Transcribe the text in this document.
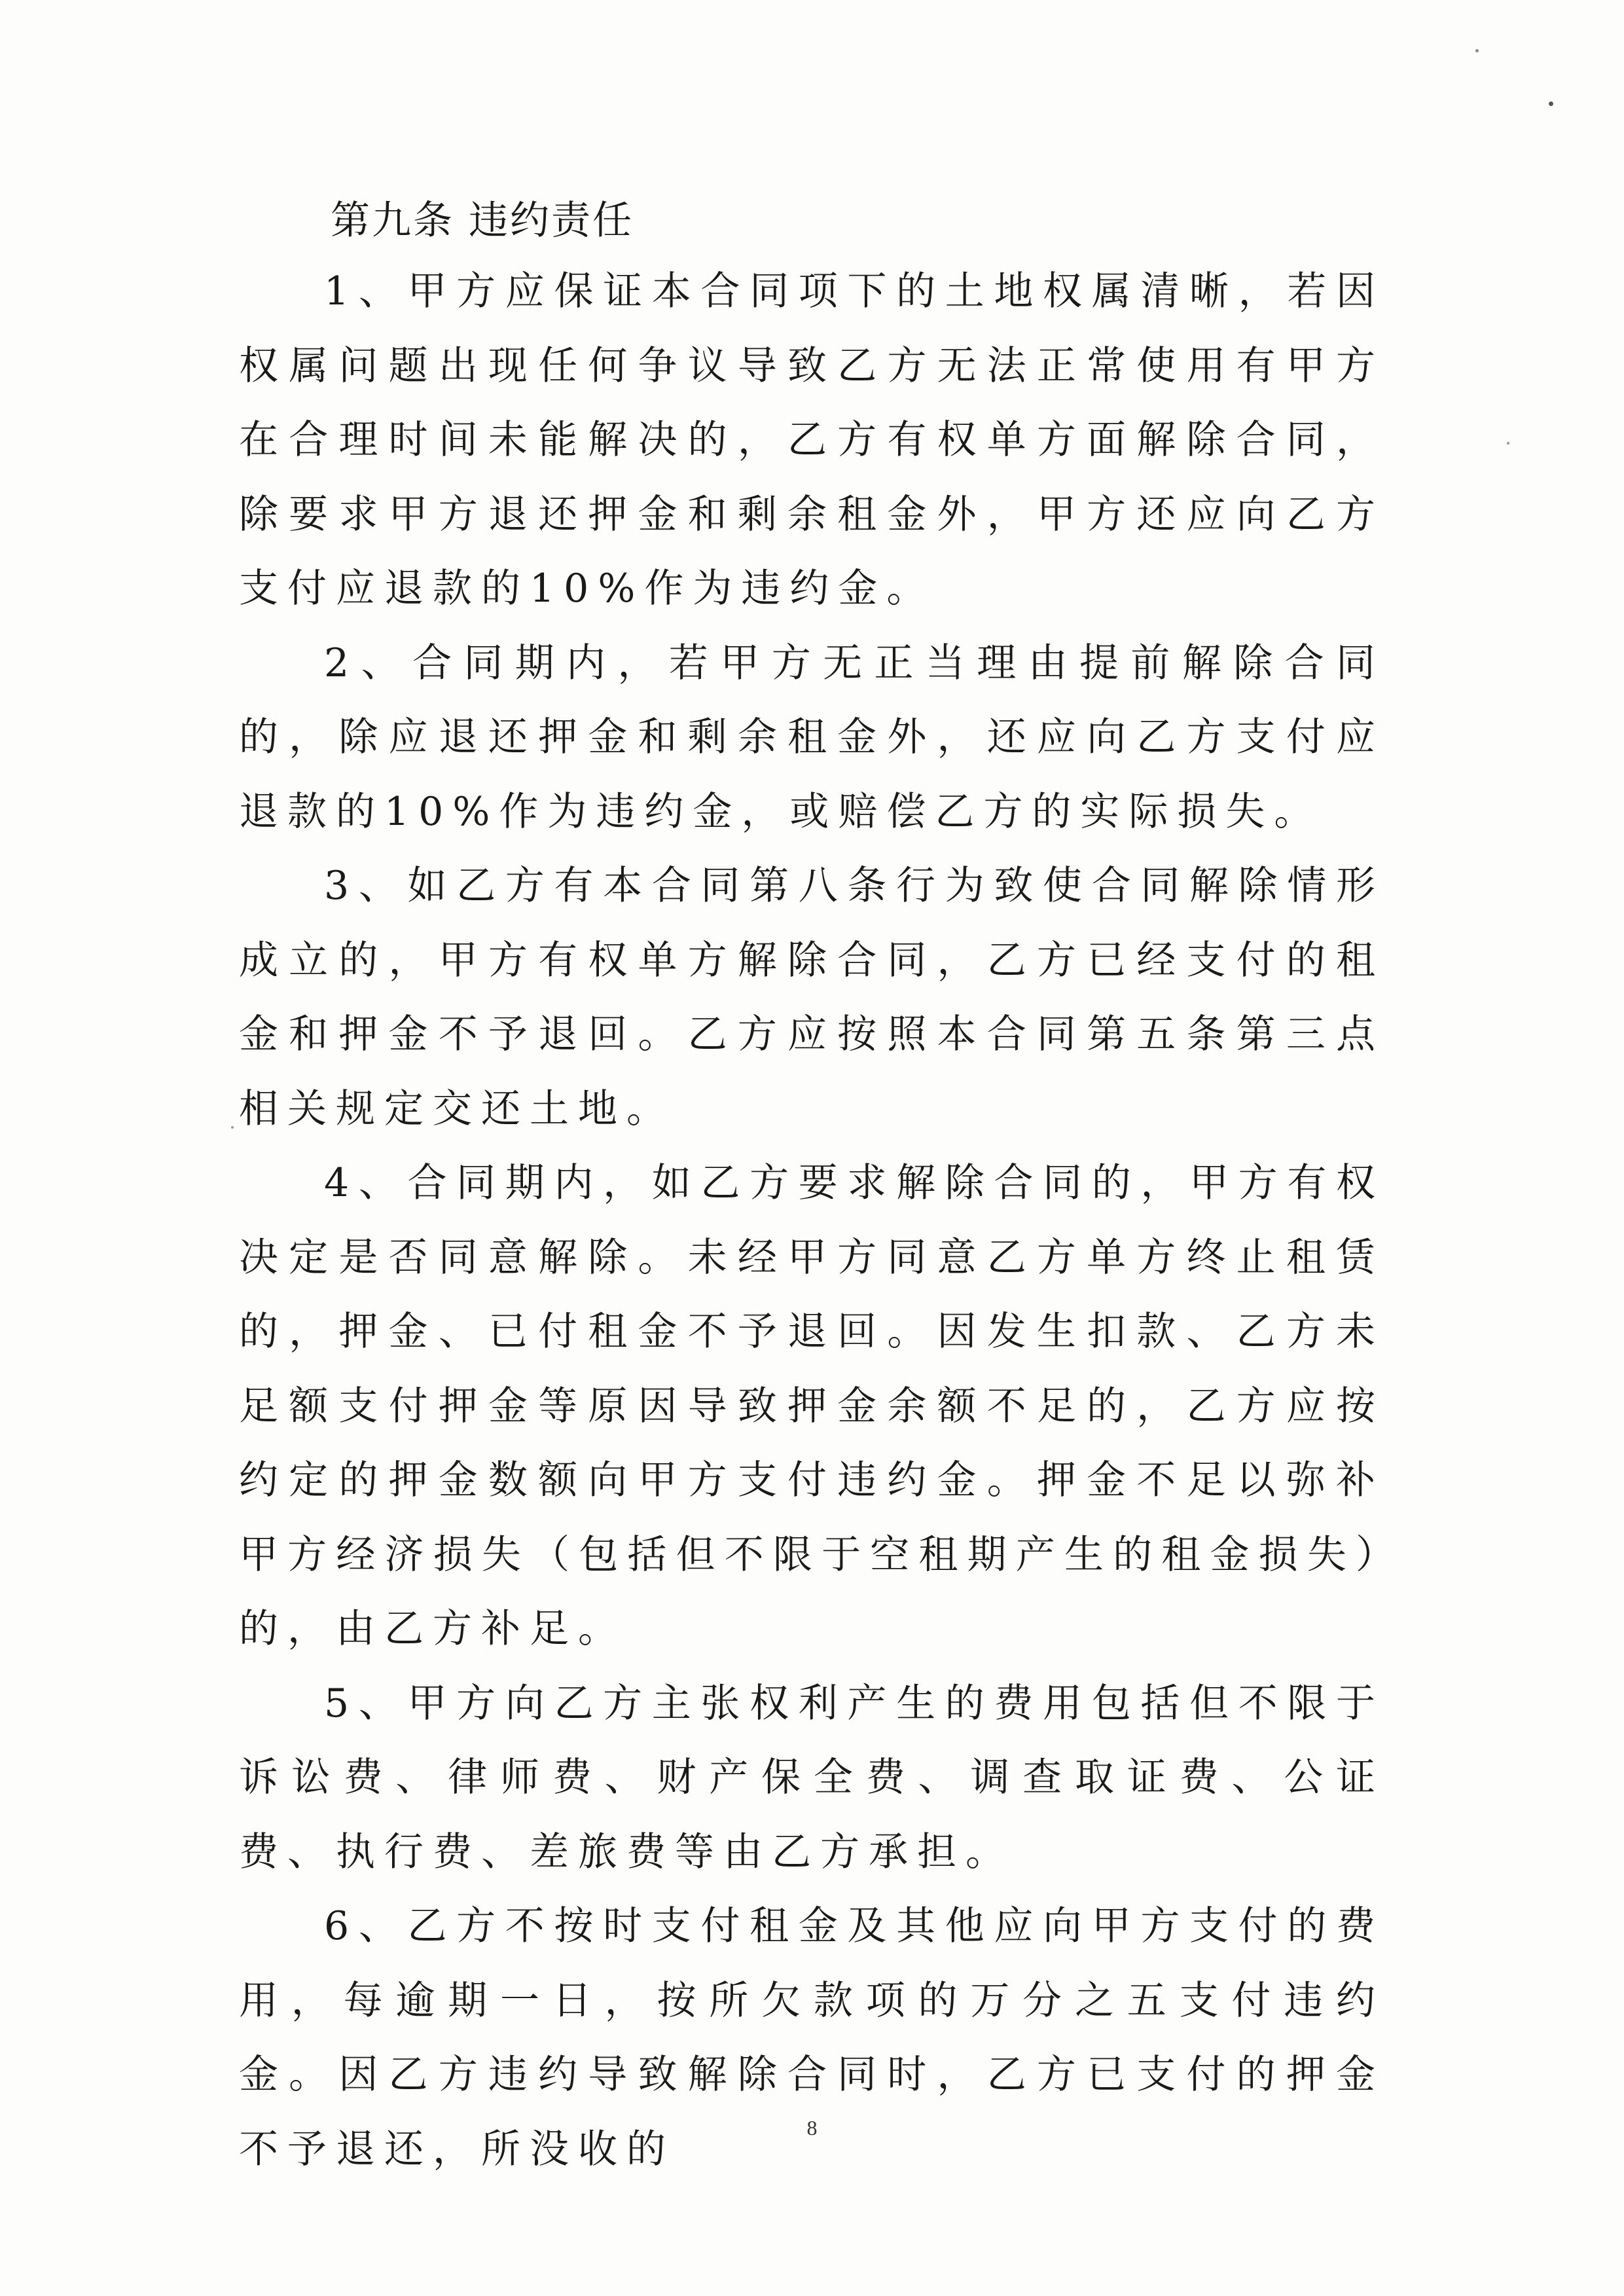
第九条 违约责任

1、甲方应保证本合同项下的土地权属清晰，若因权属问题出现任何争议导致乙方无法正常使用有甲方在合理时间未能解决的，乙方有权单方面解除合同，除要求甲方退还押金和剩余租金外，甲方还应向乙方支付应退款的10%作为违约金。

2、合同期内，若甲方无正当理由提前解除合同的，除应退还押金和剩余租金外，还应向乙方支付应退款的10%作为违约金，或赔偿乙方的实际损失。

3、如乙方有本合同第八条行为致使合同解除情形成立的，甲方有权单方解除合同，乙方已经支付的租金和押金不予退回。乙方应按照本合同第五条第三点相关规定交还土地。

4、合同期内，如乙方要求解除合同的，甲方有权决定是否同意解除。未经甲方同意乙方单方终止租赁的，押金、已付租金不予退回。因发生扣款、乙方未足额支付押金等原因导致押金余额不足的，乙方应按约定的押金数额向甲方支付违约金。押金不足以弥补甲方经济损失（包括但不限于空租期产生的租金损失）的，由乙方补足。

5、甲方向乙方主张权利产生的费用包括但不限于诉讼费、律师费、财产保全费、调查取证费、公证费、执行费、差旅费等由乙方承担。

6、乙方不按时支付租金及其他应向甲方支付的费用，每逾期一日，按所欠款项的万分之五支付违约金。因乙方违约导致解除合同时，乙方已支付的押金不予退还，所没收的	8
